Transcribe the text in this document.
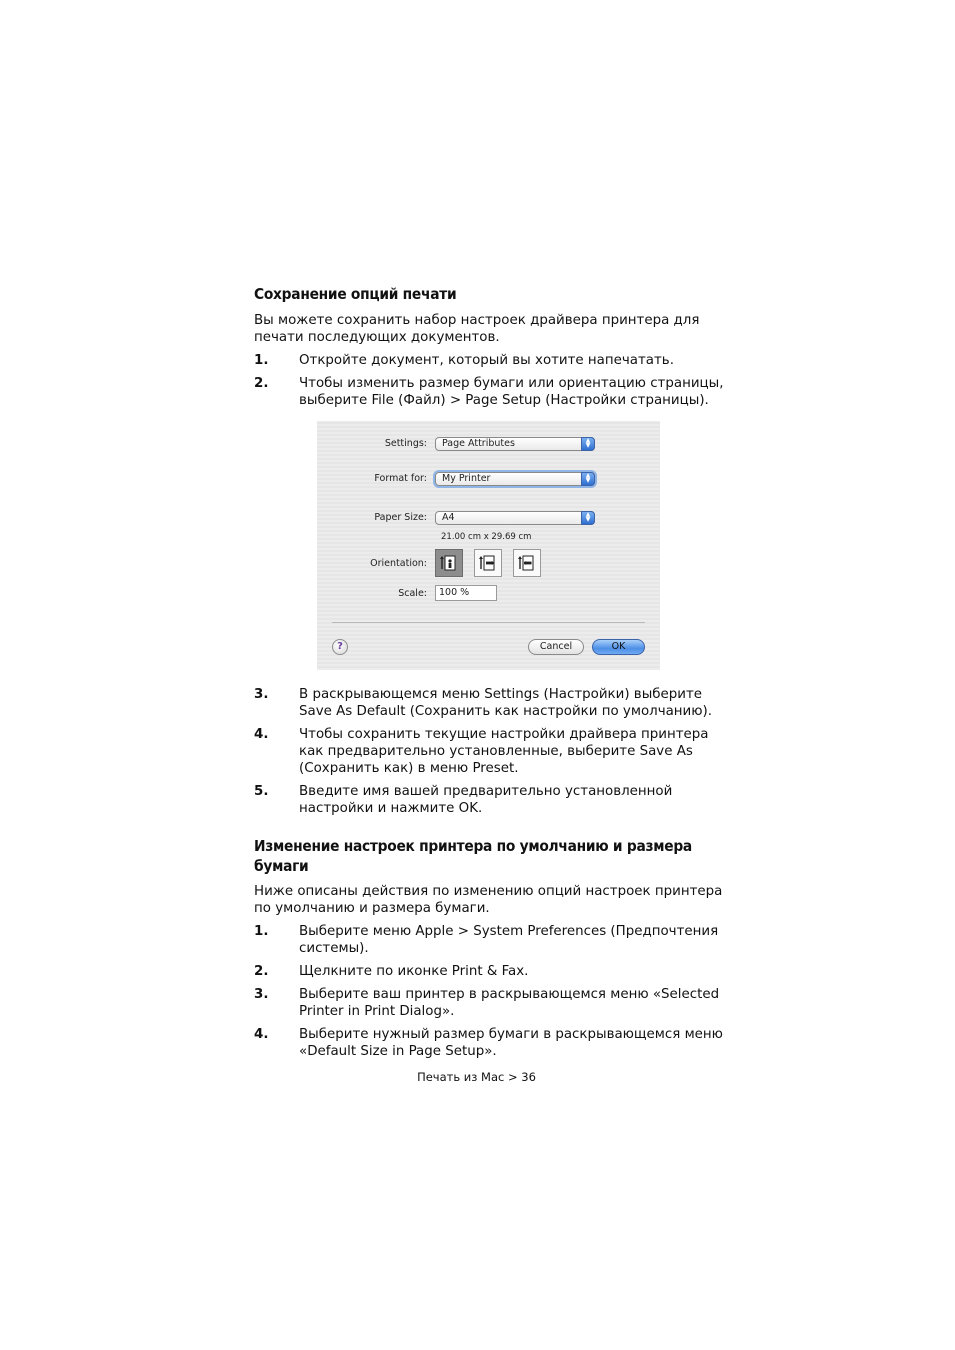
Сохранение опций печати

Вы можете сохранить набор настроек драйвера принтера для
печати последующих документов.

1. Откройте документ, который вы хотите напечатать.
2. Чтобы изменить размер бумаги или ориентацию страницы,
выберите File (Файл) > Page Setup (Настройки страницы).
Settings: Page Attributes	▲
▼
Format for: My Printer	▲
▼
Paper Size: A4	▲
▼
21.00 cm x 29.69 cm
Orientation:
Scale:	100 %
?	Cancel	OK
3. В раскрывающемся меню Settings (Настройки) выберите
Save As Default (Сохранить как настройки по умолчанию).
4. Чтобы сохранить текущие настройки драйвера принтера
как предварительно установленные, выберите Save As
(Сохранить как) в меню Preset.
5. Введите имя вашей предварительно установленной
настройки и нажмите OK.
Изменение настроек принтера по умолчанию и размера
бумаги

Ниже описаны действия по изменению опций настроек принтера
по умолчанию и размера бумаги.

1. Выберите меню Apple > System Preferences (Предпочтения
системы).
2. Щелкните по иконке Print & Fax.
3. Выберите ваш принтер в раскрывающемся меню «Selected
Printer in Print Dialog».
4. Выберите нужный размер бумаги в раскрывающемся меню
«Default Size in Page Setup».
Печать из Mac > 36
